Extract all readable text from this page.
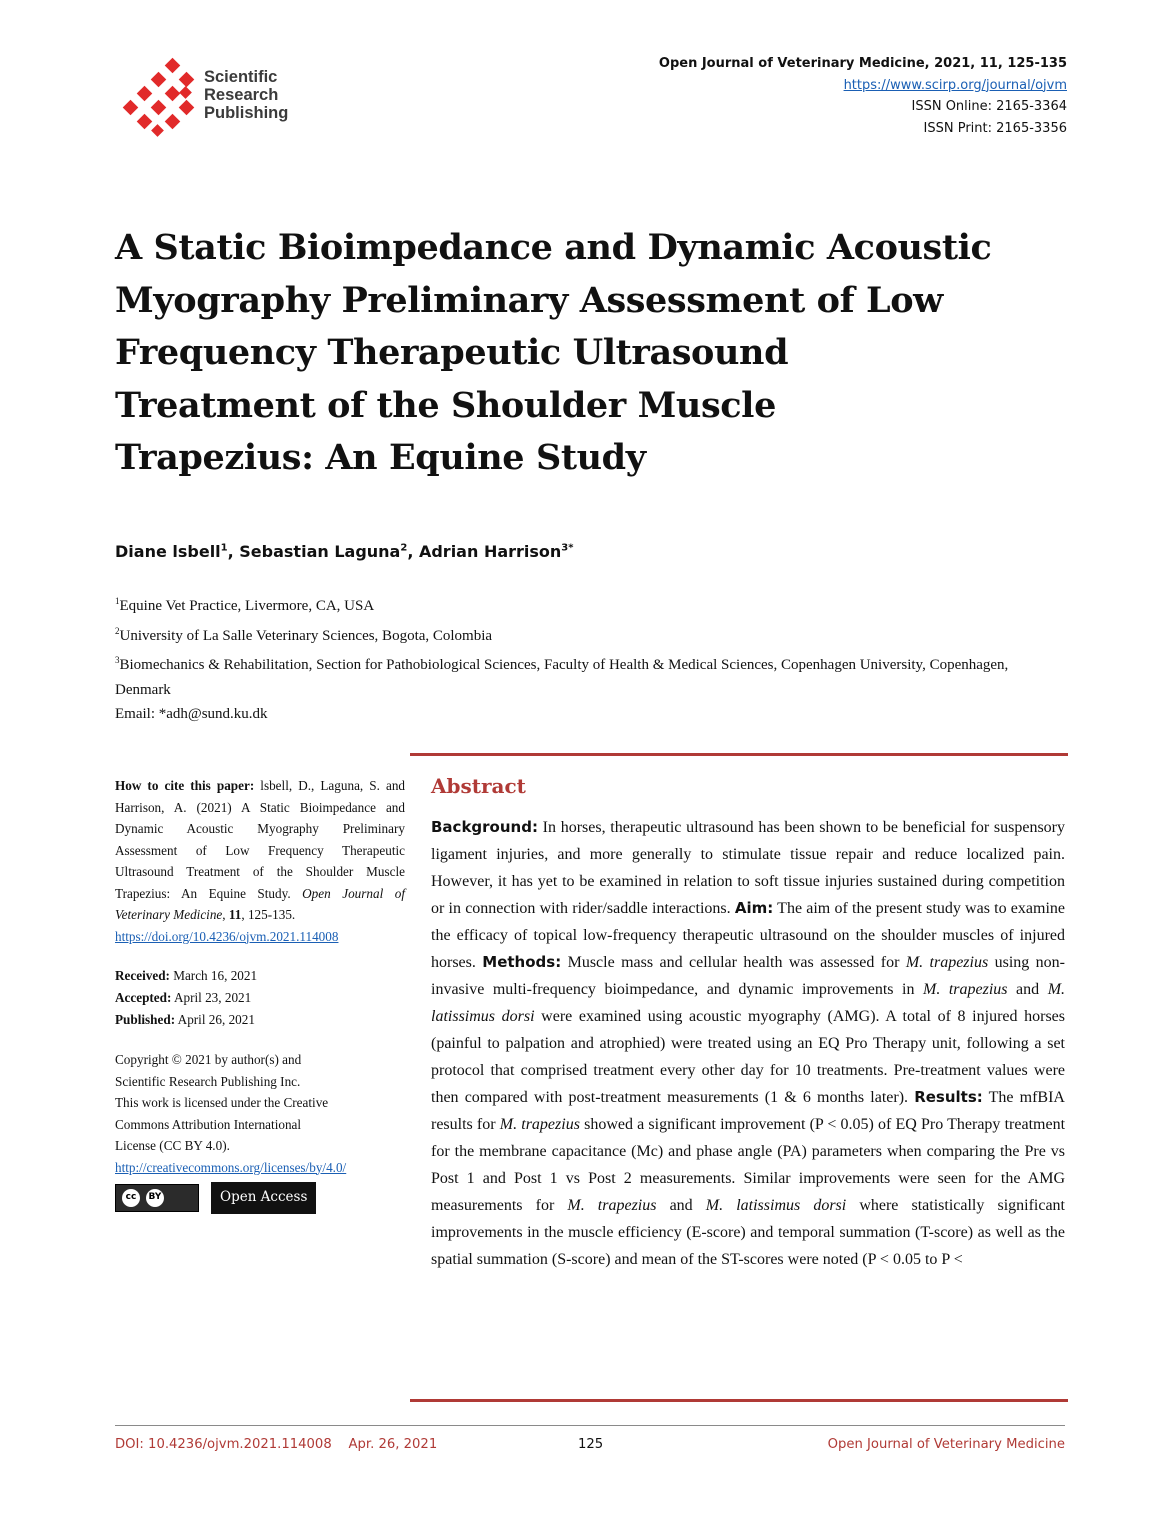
Scientific
Research
Publishing
Open Journal of Veterinary Medicine, 2021, 11, 125-135
https://www.scirp.org/journal/ojvm
ISSN Online: 2165-3364
ISSN Print: 2165-3356
A Static Bioimpedance and Dynamic Acoustic
Myography Preliminary Assessment of Low
Frequency Therapeutic Ultrasound
Treatment of the Shoulder Muscle
Trapezius: An Equine Study
Diane lsbell$^1$, Sebastian Laguna$^2$, Adrian Harrison$^{3*}$
$^1$Equine Vet Practice, Livermore, CA, USA
$^2$University of La Salle Veterinary Sciences, Bogota, Colombia
$^3$Biomechanics & Rehabilitation, Section for Pathobiological Sciences, Faculty of Health & Medical Sciences, Copenhagen University, Copenhagen, Denmark
Email: *adh@sund.ku.dk
How to cite this paper: lsbell, D., Laguna, S. and Harrison, A. (2021) A Static Bioimpedance and Dynamic Acoustic Myography Preliminary Assessment of Low Frequency Therapeutic Ultrasound Treatment of the Shoulder Muscle Trapezius: An Equine Study. Open Journal of Veterinary Medicine, 11, 125-135.
https://doi.org/10.4236/ojvm.2021.114008
Received: March 16, 2021
Accepted: April 23, 2021
Published: April 26, 2021
Copyright © 2021 by author(s) and
Scientific Research Publishing Inc.
This work is licensed under the Creative
Commons Attribution International
License (CC BY 4.0).
http://creativecommons.org/licenses/by/4.0/
cc	BY	Open Access
Abstract
Background: In horses, therapeutic ultrasound has been shown to be beneficial for suspensory ligament injuries, and more generally to stimulate tissue repair and reduce localized pain. However, it has yet to be examined in relation to soft tissue injuries sustained during competition or in connection with rider/saddle interactions. Aim: The aim of the present study was to examine the efficacy of topical low-frequency therapeutic ultrasound on the shoulder muscles of injured horses. Methods: Muscle mass and cellular health was assessed for M. trapezius using non-invasive multi-frequency bioimpedance, and dynamic improvements in M. trapezius and M. latissimus dorsi were examined using acoustic myography (AMG). A total of 8 injured horses (painful to palpation and atrophied) were treated using an EQ Pro Therapy unit, following a set protocol that comprised treatment every other day for 10 treatments. Pre-treatment values were then compared with post-treatment measurements (1 & 6 months later). Results: The mfBIA results for M. trapezius showed a significant improvement (P < 0.05) of EQ Pro Therapy treatment for the membrane capacitance (Mc) and phase angle (PA) parameters when comparing the Pre vs Post 1 and Post 1 vs Post 2 measurements. Similar improvements were seen for the AMG measurements for M. trapezius and M. latissimus dorsi where statistically significant improvements in the muscle efficiency (E-score) and temporal summation (T-score) as well as the spatial summation (S-score) and mean of the ST-scores were noted (P < 0.05 to P <
DOI: 10.4236/ojvm.2021.114008 Apr. 26, 2021	125	Open Journal of Veterinary Medicine
